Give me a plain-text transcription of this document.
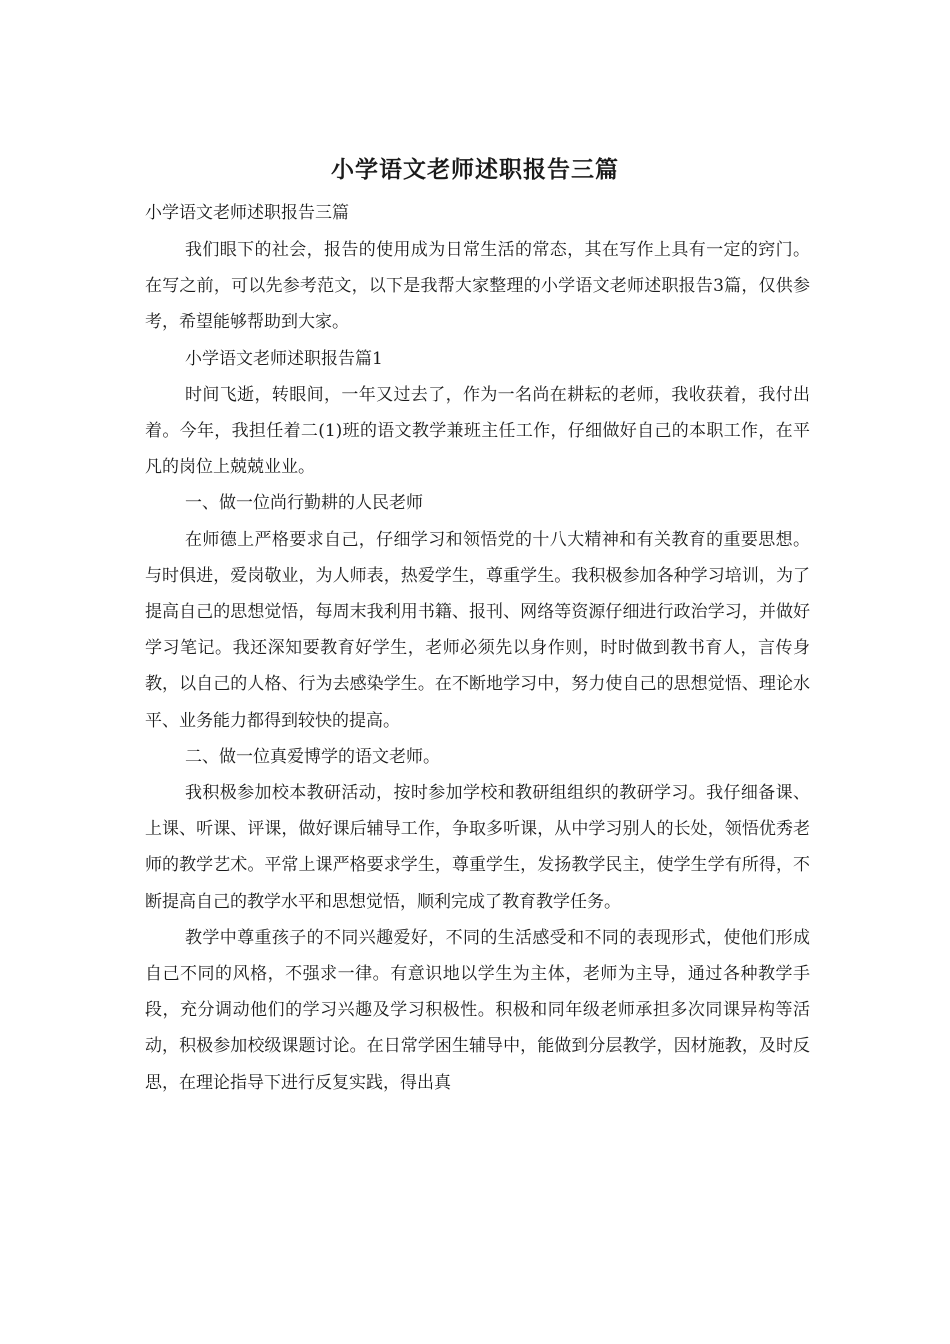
小学语文老师述职报告三篇
小学语文老师述职报告三篇

我们眼下的社会，报告的使用成为日常生活的常态，其在写作上具有一定的窍门。在写之前，可以先参考范文，以下是我帮大家整理的小学语文老师述职报告3篇，仅供参考，希望能够帮助到大家。

小学语文老师述职报告篇1

时间飞逝，转眼间，一年又过去了，作为一名尚在耕耘的老师，我收获着，我付出着。今年，我担任着二(1)班的语文教学兼班主任工作，仔细做好自己的本职工作，在平凡的岗位上兢兢业业。

一、做一位尚行勤耕的人民老师

在师德上严格要求自己，仔细学习和领悟党的十八大精神和有关教育的重要思想。与时俱进，爱岗敬业，为人师表，热爱学生，尊重学生。我积极参加各种学习培训，为了提高自己的思想觉悟，每周末我利用书籍、报刊、网络等资源仔细进行政治学习，并做好学习笔记。我还深知要教育好学生，老师必须先以身作则，时时做到教书育人，言传身教，以自己的人格、行为去感染学生。在不断地学习中，努力使自己的思想觉悟、理论水平、业务能力都得到较快的提高。

二、做一位真爱博学的语文老师。

我积极参加校本教研活动，按时参加学校和教研组组织的教研学习。我仔细备课、上课、听课、评课，做好课后辅导工作，争取多听课，从中学习别人的长处，领悟优秀老师的教学艺术。平常上课严格要求学生，尊重学生，发扬教学民主，使学生学有所得，不断提高自己的教学水平和思想觉悟，顺利完成了教育教学任务。

教学中尊重孩子的不同兴趣爱好，不同的生活感受和不同的表现形式，使他们形成自己不同的风格，不强求一律。有意识地以学生为主体，老师为主导，通过各种教学手段，充分调动他们的学习兴趣及学习积极性。积极和同年级老师承担多次同课异构等活动，积极参加校级课题讨论。在日常学困生辅导中，能做到分层教学，因材施教，及时反思，在理论指导下进行反复实践，得出真
